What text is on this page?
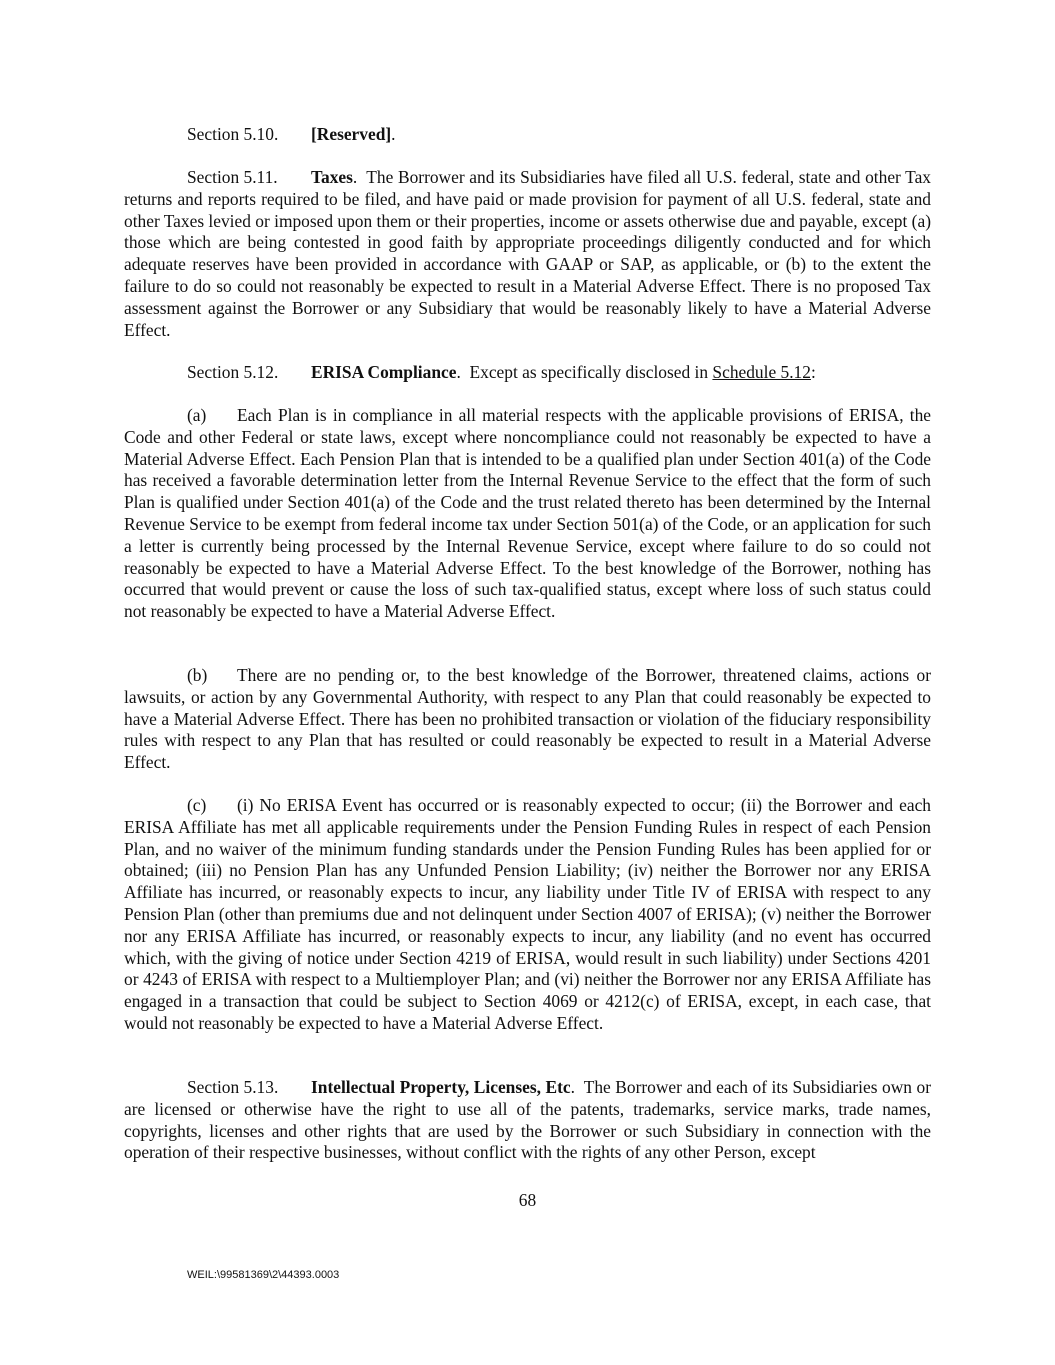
Section 5.10. [Reserved].

Section 5.11. Taxes. The Borrower and its Subsidiaries have filed all U.S. federal, state and other Tax returns and reports required to be filed, and have paid or made provision for payment of all U.S. federal, state and other Taxes levied or imposed upon them or their properties, income or assets otherwise due and payable, except (a) those which are being contested in good faith by appropriate proceedings diligently conducted and for which adequate reserves have been provided in accordance with GAAP or SAP, as applicable, or (b) to the extent the failure to do so could not reasonably be expected to result in a Material Adverse Effect. There is no proposed Tax assessment against the Borrower or any Subsidiary that would be reasonably likely to have a Material Adverse Effect.

Section 5.12. ERISA Compliance. Except as specifically disclosed in Schedule 5.12:

(a) Each Plan is in compliance in all material respects with the applicable provisions of ERISA, the Code and other Federal or state laws, except where noncompliance could not reasonably be expected to have a Material Adverse Effect. Each Pension Plan that is intended to be a qualified plan under Section 401(a) of the Code has received a favorable determination letter from the Internal Revenue Service to the effect that the form of such Plan is qualified under Section 401(a) of the Code and the trust related thereto has been determined by the Internal Revenue Service to be exempt from federal income tax under Section 501(a) of the Code, or an application for such a letter is currently being processed by the Internal Revenue Service, except where failure to do so could not reasonably be expected to have a Material Adverse Effect. To the best knowledge of the Borrower, nothing has occurred that would prevent or cause the loss of such tax-qualified status, except where loss of such status could not reasonably be expected to have a Material Adverse Effect.

(b) There are no pending or, to the best knowledge of the Borrower, threatened claims, actions or lawsuits, or action by any Governmental Authority, with respect to any Plan that could reasonably be expected to have a Material Adverse Effect. There has been no prohibited transaction or violation of the fiduciary responsibility rules with respect to any Plan that has resulted or could reasonably be expected to result in a Material Adverse Effect.

(c) (i) No ERISA Event has occurred or is reasonably expected to occur; (ii) the Borrower and each ERISA Affiliate has met all applicable requirements under the Pension Funding Rules in respect of each Pension Plan, and no waiver of the minimum funding standards under the Pension Funding Rules has been applied for or obtained; (iii) no Pension Plan has any Unfunded Pension Liability; (iv) neither the Borrower nor any ERISA Affiliate has incurred, or reasonably expects to incur, any liability under Title IV of ERISA with respect to any Pension Plan (other than premiums due and not delinquent under Section 4007 of ERISA); (v) neither the Borrower nor any ERISA Affiliate has incurred, or reasonably expects to incur, any liability (and no event has occurred which, with the giving of notice under Section 4219 of ERISA, would result in such liability) under Sections 4201 or 4243 of ERISA with respect to a Multiemployer Plan; and (vi) neither the Borrower nor any ERISA Affiliate has engaged in a transaction that could be subject to Section 4069 or 4212(c) of ERISA, except, in each case, that would not reasonably be expected to have a Material Adverse Effect.

Section 5.13. Intellectual Property, Licenses, Etc. The Borrower and each of its Subsidiaries own or are licensed or otherwise have the right to use all of the patents, trademarks, service marks, trade names, copyrights, licenses and other rights that are used by the Borrower or such Subsidiary in connection with the operation of their respective businesses, without conflict with the rights of any other Person, except

68
WEIL:\99581369\2\44393.0003
